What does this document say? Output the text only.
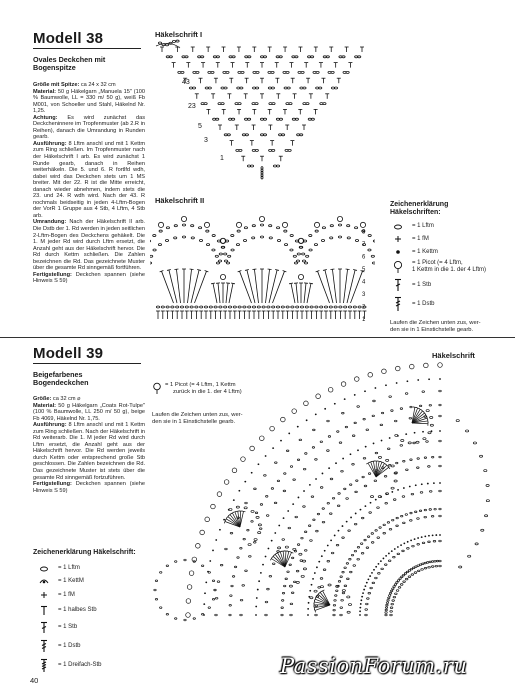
Modell 38
Ovales Deckchen mit
Bogenspitze
Größe mit Spitze: ca 24 x 32 cm
Material: 50 g Häkelgarn „Manuela 15" (100 % Baumwolle, LL = 330 m/ 50 g), weiß Fb M001, von Schoeller und Stahl, Häkelnd Nr. 1,25.
Achtung: Es wird zunächst das Deckcheninnere im Tropfenmuster (ab 2.R in Reihen), danach die Umrandung in Runden gearb.
Ausführung: 8 Lftm anschl und mit 1 Kettm zum Ring schließen. Im Tropfenmuster nach der Häkelschrift I arb. Es wird zunächst 1 Runde gearb, danach in Reihen weiterhäkeln. Die 5. und 6. R fortlfd wdh, dabei wird das Deckchen stets um 1 MS breiter. Mit der 22. R ist die Mitte erreicht, danach wieder abnehmen, indem stets die 23. und 24. R wdh wird. Nach der 43. R nochmals beidseitig in jeden 4-Lftm-Bogen der VorR 1 Gruppe aus 4 Stb, 4 Lftm, 4 Stb arb.
Umrandung: Nach der Häkelschrift II arb. Die Dstb der 1. Rd werden in jeden seitlichen 2-Lftm-Bogen des Deckchens gehäkelt. Die 1. M jeder Rd wird durch Lftm ersetzt, die Anzahl geht aus der Häkelschrift hervor. Die Rd durch Kettm schließen. Die Zahlen bezeichnen die Rd. Das gezeichnete Muster über die gesamte Rd sinngemäß fortführen.
Fertigstellung: Deckchen spannen (siehe Hinweis S 59)
Häkelschrift I
43
23
5
3
1
Häkelschrift II
1
2
3
4
5
6
7
8
Zeichenerklärung
Häkelschriften:
= 1 Lftm
= 1 fM
= 1 Kettm
= 1 Picot (= 4 Lftm,
1 Kettm in die 1. der 4 Lftm)
= 1 Stb
= 1 Dstb
Laufen die Zeichen unten zus, wer-
den sie in 1 Einstichstelle gearb.
Modell 39
Beigefarbenes
Bogendeckchen
Größe: ca 32 cm ⌀
Material: 50 g Häkelgarn „Coats Rot-Tulpe" (100 % Baumwolle, LL 250 m/ 50 g), beige Fb 4069, Häkelnd Nr. 1,75.
Ausführung: 8 Lftm anschl und mit 1 Kettm zum Ring schließen. Nach der Häkelschrift in Rd weiterarb. Die 1. M jeder Rd wird durch Lftm ersetzt, die Anzahl geht aus der Häkelschrift hervor. Die Rd werden jeweils durch Kettm oder entsprechend große Stb geschlossen. Die Zahlen bezeichnen die Rd. Das gezeichnete Muster ist stets über die gesamte Rd sinngemäß fortzuführen.
Fertigstellung: Deckchen spannen (siehe Hinweis S 59)
Zeichenerklärung Häkelschrift:
= 1 Lftm
= 1 KettM
= 1 fM
= 1 halbes Stb
= 1 Stb
= 1 Dstb
= 1 Dreifach-Stb
= 1 Picot (= 4 Lftm, 1 Kettm
zurück in die 1. der 4 Lftm)
Laufen die Zeichen unten zus, wer-
den sie in 1 Einstichstelle gearb.
Häkelschrift
40
PassionForum.ru
